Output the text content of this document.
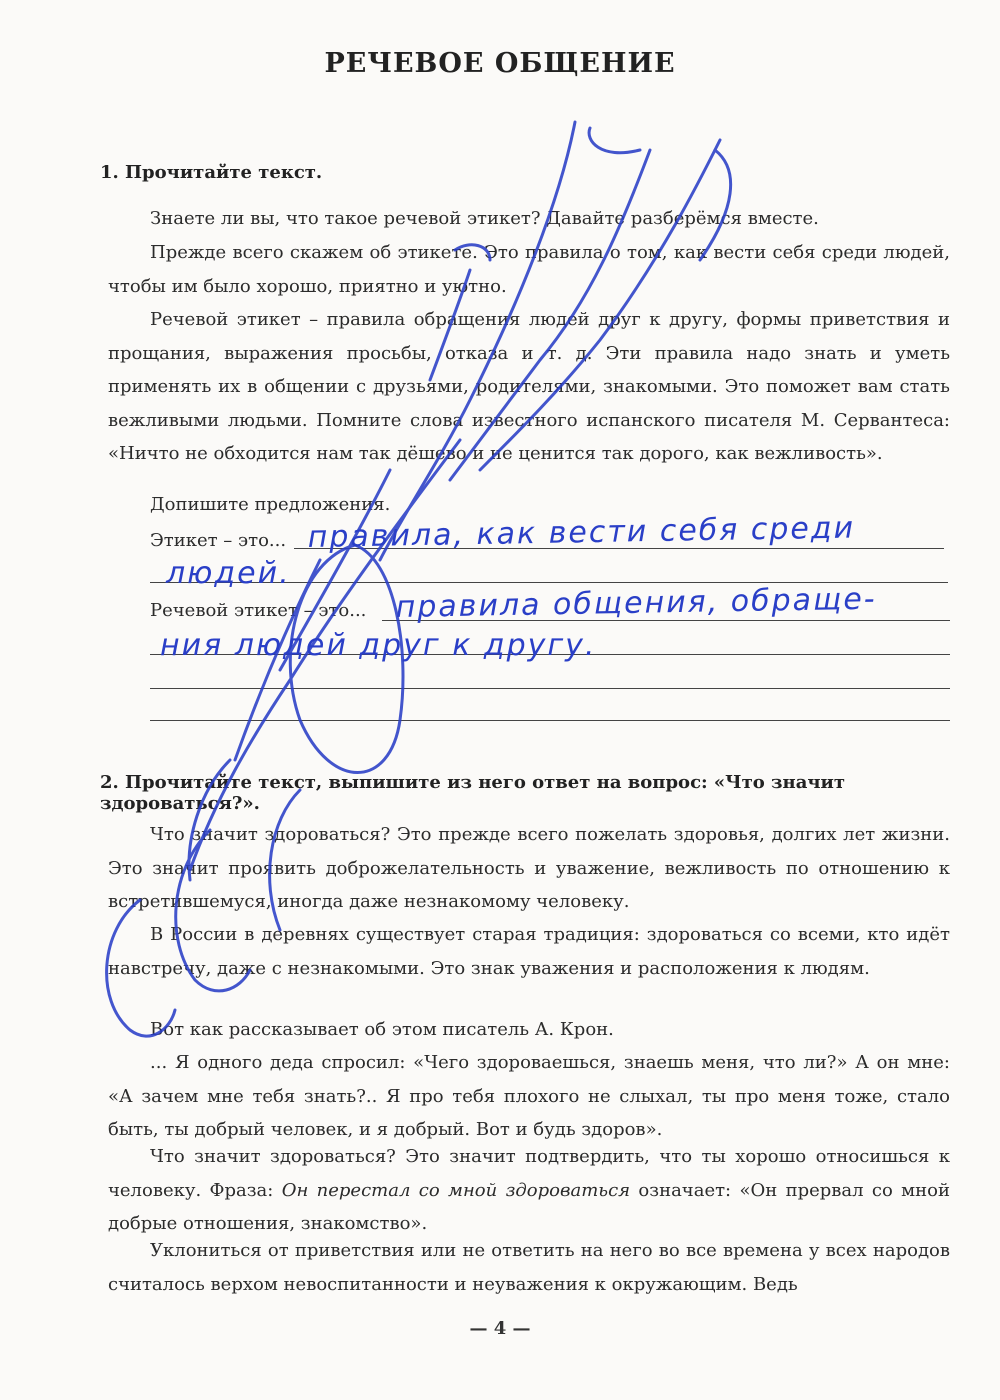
РЕЧЕВОЕ ОБЩЕНИЕ
1. Прочитайте текст.
Знаете ли вы, что такое речевой этикет? Давайте разберёмся вместе.
Прежде всего скажем об этикете. Это правила о том, как вести себя среди людей, чтобы им было хорошо, приятно и уютно.
Речевой этикет – правила обращения людей друг к другу, формы приветствия и прощания, выражения просьбы, отказа и т. д. Эти правила надо знать и уметь применять их в общении с друзьями, родителями, знакомыми. Это поможет вам стать вежливыми людьми. Помните слова известного испанского писателя М. Сервантеса: «Ничто не обходится нам так дёшево и не ценится так дорого, как вежливость».
Допишите предложения.
Этикет – это...
Речевой этикет – это...
правила, как вести себя среди
людей.
правила общения, обраще-
ния людей друг к другу.
2. Прочитайте текст, выпишите из него ответ на вопрос: «Что значит здороваться?».
Что значит здороваться? Это прежде всего пожелать здоровья, долгих лет жизни. Это значит проявить доброжелательность и уважение, вежливость по отношению к встретившемуся, иногда даже незнакомому человеку.
В России в деревнях существует старая традиция: здороваться со всеми, кто идёт навстречу, даже с незнакомыми. Это знак уважения и расположения к людям.
Вот как рассказывает об этом писатель А. Крон.
... Я одного деда спросил: «Чего здороваешься, знаешь меня, что ли?» А он мне: «А зачем мне тебя знать?.. Я про тебя плохого не слыхал, ты про меня тоже, стало быть, ты добрый человек, и я добрый. Вот и будь здоров».
Что значит здороваться? Это значит подтвердить, что ты хорошо относишься к человеку. Фраза: Он перестал со мной здороваться означает: «Он прервал со мной добрые отношения, знакомство».
Уклониться от приветствия или не ответить на него во все времена у всех народов считалось верхом невоспитанности и неуважения к окружающим. Ведь
— 4 —
